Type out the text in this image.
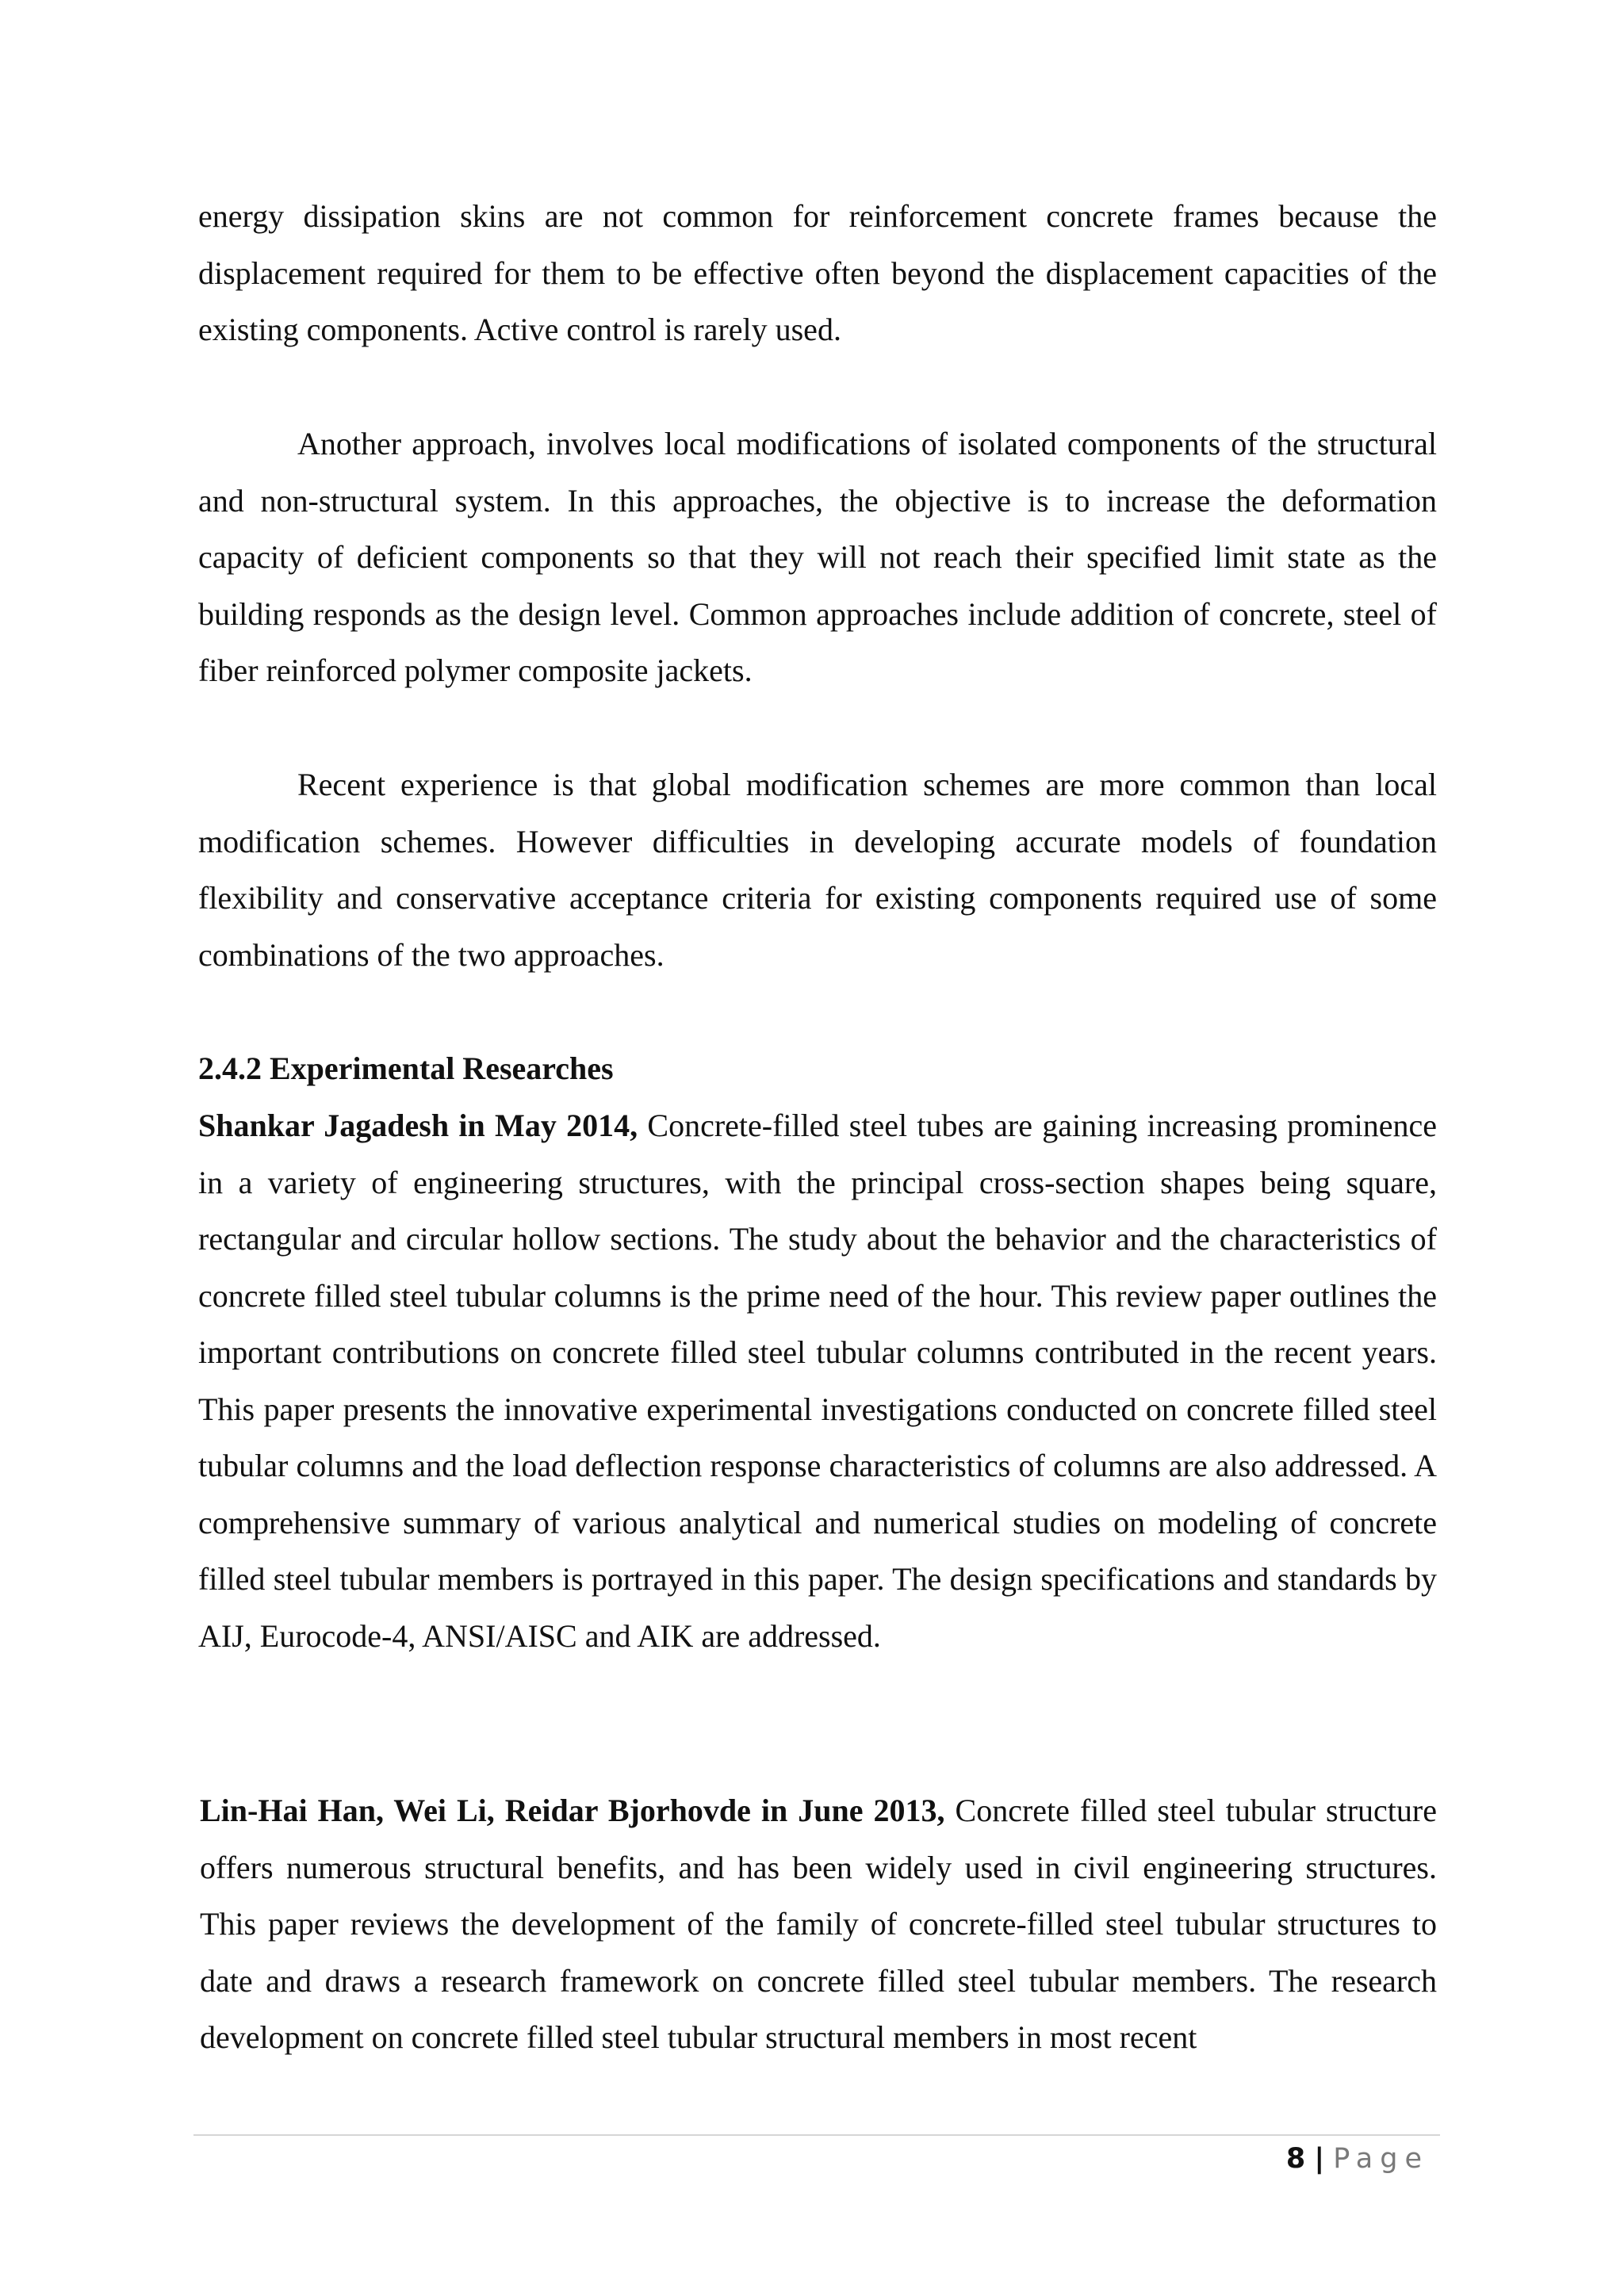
energy dissipation skins are not common for reinforcement concrete frames because the displacement required for them to be effective often beyond the displacement capacities of the existing components. Active control is rarely used.

Another approach, involves local modifications of isolated components of the structural and non-structural system. In this approaches, the objective is to increase the deformation capacity of deficient components so that they will not reach their specified limit state as the building responds as the design level. Common approaches include addition of concrete, steel of fiber reinforced polymer composite jackets.

Recent experience is that global modification schemes are more common than local modification schemes. However difficulties in developing accurate models of foundation flexibility and conservative acceptance criteria for existing components required use of some combinations of the two approaches.

2.4.2 Experimental Researches

Shankar Jagadesh in May 2014, Concrete-filled steel tubes are gaining increasing prominence in a variety of engineering structures, with the principal cross-section shapes being square, rectangular and circular hollow sections. The study about the behavior and the characteristics of concrete filled steel tubular columns is the prime need of the hour. This review paper outlines the important contributions on concrete filled steel tubular columns contributed in the recent years. This paper presents the innovative experimental investigations conducted on concrete filled steel tubular columns and the load deflection response characteristics of columns are also addressed. A comprehensive summary of various analytical and numerical studies on modeling of concrete filled steel tubular members is portrayed in this paper. The design specifications and standards by AIJ, Eurocode-4, ANSI/AISC and AIK are addressed.

Lin-Hai Han, Wei Li, Reidar Bjorhovde in June 2013, Concrete filled steel tubular structure offers numerous structural benefits, and has been widely used in civil engineering structures. This paper reviews the development of the family of concrete-filled steel tubular structures to date and draws a research framework on concrete filled steel tubular members. The research development on concrete filled steel tubular structural members in most recent

8 | Page
